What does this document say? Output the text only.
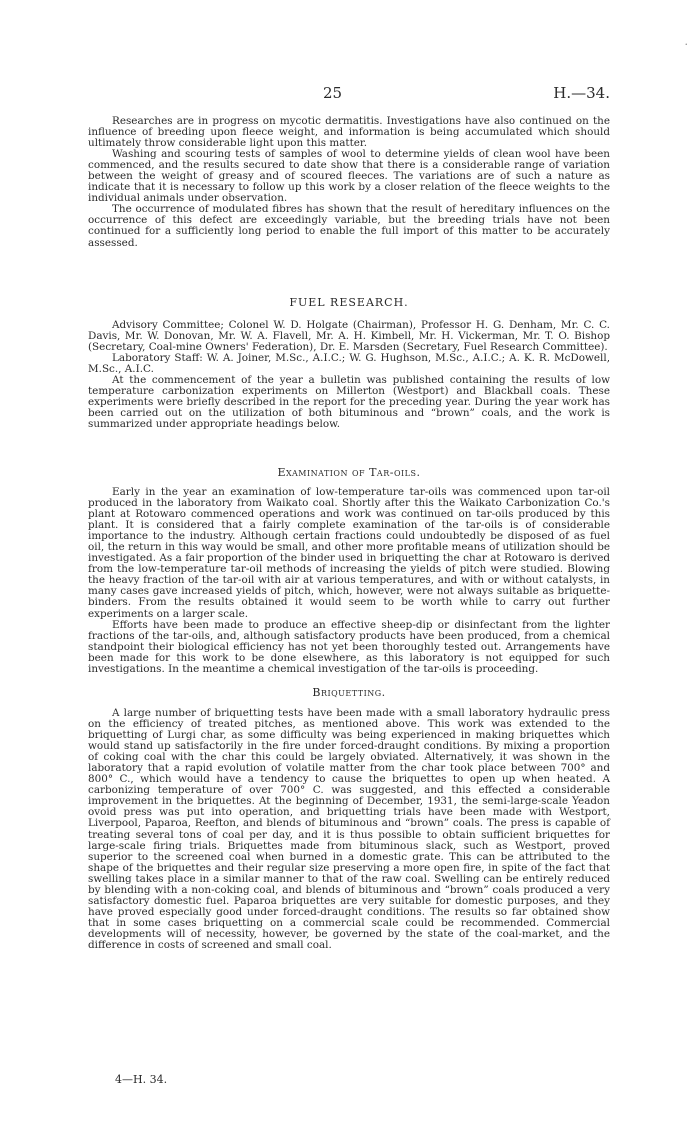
·
25	H.—34.

Researches are in progress on mycotic dermatitis. Investigations have also continued on the influence of breeding upon fleece weight, and information is being accumulated which should ultimately throw considerable light upon this matter.

Washing and scouring tests of samples of wool to determine yields of clean wool have been commenced, and the results secured to date show that there is a considerable range of variation between the weight of greasy and of scoured fleeces. The variations are of such a nature as indicate that it is necessary to follow up this work by a closer relation of the fleece weights to the individual animals under observation.

The occurrence of modulated fibres has shown that the result of hereditary influences on the occurrence of this defect are exceedingly variable, but the breeding trials have not been continued for a sufficiently long period to enable the full import of this matter to be accurately assessed.

FUEL RESEARCH.

Advisory Committee; Colonel W. D. Holgate (Chairman), Professor H. G. Denham, Mr. C. C. Davis, Mr. W. Donovan, Mr. W. A. Flavell, Mr. A. H. Kimbell, Mr. H. Vickerman, Mr. T. O. Bishop (Secretary, Coal-mine Owners' Federation), Dr. E. Marsden (Secretary, Fuel Research Committee).

Laboratory Staff: W. A. Joiner, M.Sc., A.I.C.; W. G. Hughson, M.Sc., A.I.C.; A. K. R. McDowell, M.Sc., A.I.C.

At the commencement of the year a bulletin was published containing the results of low temperature carbonization experiments on Millerton (Westport) and Blackball coals. These experiments were briefly described in the report for the preceding year. During the year work has been carried out on the utilization of both bituminous and “brown” coals, and the work is summarized under appropriate headings below.

Examination of Tar-oils.

Early in the year an examination of low-temperature tar-oils was commenced upon tar-oil produced in the laboratory from Waikato coal. Shortly after this the Waikato Carbonization Co.'s plant at Rotowaro commenced operations and work was continued on tar-oils produced by this plant. It is considered that a fairly complete examination of the tar-oils is of considerable importance to the industry. Although certain fractions could undoubtedly be disposed of as fuel oil, the return in this way would be small, and other more profitable means of utilization should be investigated. As a fair proportion of the binder used in briquetting the char at Rotowaro is derived from the low-temperature tar-oil methods of increasing the yields of pitch were studied. Blowing the heavy fraction of the tar-oil with air at various temperatures, and with or without catalysts, in many cases gave increased yields of pitch, which, however, were not always suitable as briquette-binders. From the results obtained it would seem to be worth while to carry out further experiments on a larger scale.

Efforts have been made to produce an effective sheep-dip or disinfectant from the lighter fractions of the tar-oils, and, although satisfactory products have been produced, from a chemical standpoint their biological efficiency has not yet been thoroughly tested out. Arrangements have been made for this work to be done elsewhere, as this laboratory is not equipped for such investigations. In the meantime a chemical investigation of the tar-oils is proceeding.

Briquetting.

A large number of briquetting tests have been made with a small laboratory hydraulic press on the efficiency of treated pitches, as mentioned above. This work was extended to the briquetting of Lurgi char, as some difficulty was being experienced in making briquettes which would stand up satisfactorily in the fire under forced-draught conditions. By mixing a proportion of coking coal with the char this could be largely obviated. Alternatively, it was shown in the laboratory that a rapid evolution of volatile matter from the char took place between 700° and 800° C., which would have a tendency to cause the briquettes to open up when heated. A carbonizing temperature of over 700° C. was suggested, and this effected a considerable improvement in the briquettes. At the beginning of December, 1931, the semi-large-scale Yeadon ovoid press was put into operation, and briquetting trials have been made with Westport, Liverpool, Paparoa, Reefton, and blends of bituminous and “brown” coals. The press is capable of treating several tons of coal per day, and it is thus possible to obtain sufficient briquettes for large-scale firing trials. Briquettes made from bituminous slack, such as Westport, proved superior to the screened coal when burned in a domestic grate. This can be attributed to the shape of the briquettes and their regular size preserving a more open fire, in spite of the fact that swelling takes place in a similar manner to that of the raw coal. Swelling can be entirely reduced by blending with a non-coking coal, and blends of bituminous and “brown” coals produced a very satisfactory domestic fuel. Paparoa briquettes are very suitable for domestic purposes, and they have proved especially good under forced-draught conditions. The results so far obtained show that in some cases briquetting on a commercial scale could be recommended. Commercial developments will of necessity, however, be governed by the state of the coal-market, and the difference in costs of screened and small coal.

4—H. 34.
